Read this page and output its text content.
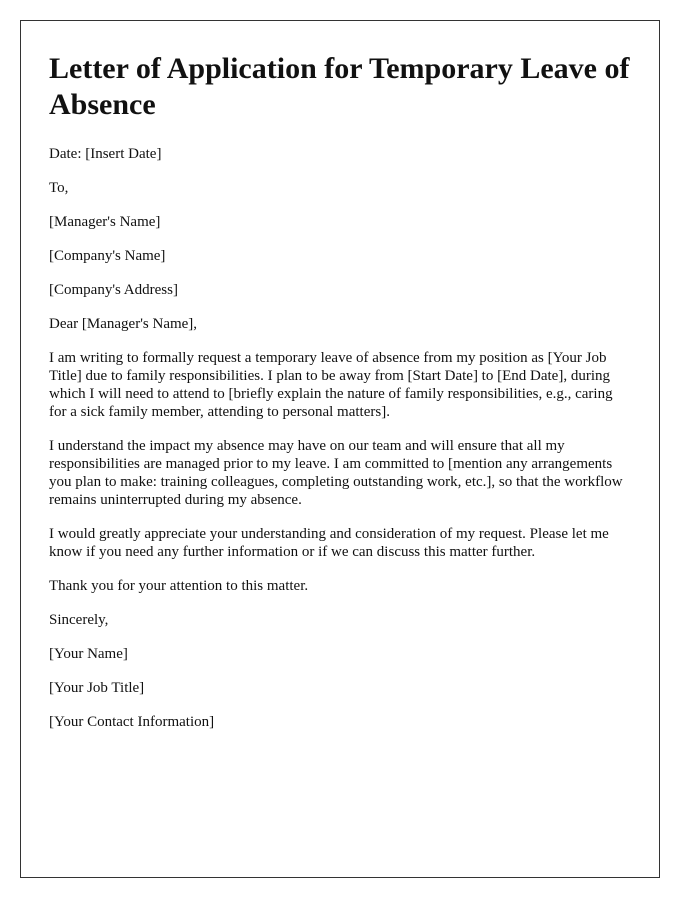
Letter of Application for Temporary Leave of Absence

Date: [Insert Date]

To,

[Manager's Name]

[Company's Name]

[Company's Address]

Dear [Manager's Name],

I am writing to formally request a temporary leave of absence from my position as [Your Job Title] due to family responsibilities. I plan to be away from [Start Date] to [End Date], during which I will need to attend to [briefly explain the nature of family responsibilities, e.g., caring for a sick family member, attending to personal matters].

I understand the impact my absence may have on our team and will ensure that all my responsibilities are managed prior to my leave. I am committed to [mention any arrangements you plan to make: training colleagues, completing outstanding work, etc.], so that the workflow remains uninterrupted during my absence.

I would greatly appreciate your understanding and consideration of my request. Please let me know if you need any further information or if we can discuss this matter further.

Thank you for your attention to this matter.

Sincerely,

[Your Name]

[Your Job Title]

[Your Contact Information]
